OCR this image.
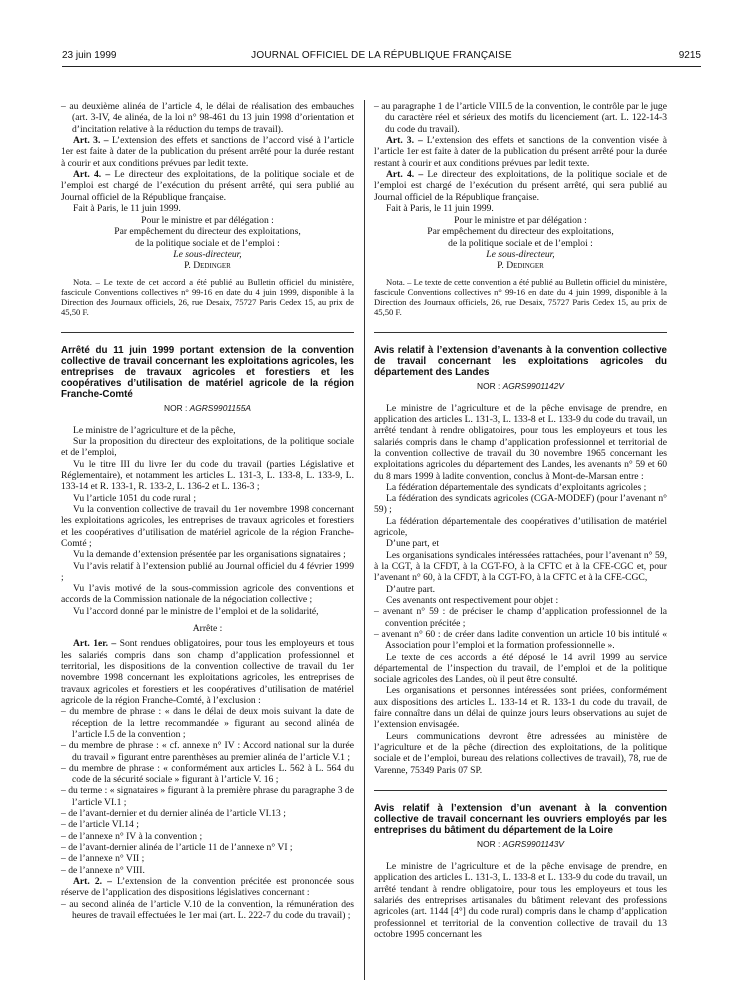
23 juin 1999	JOURNAL OFFICIEL DE LA RÉPUBLIQUE FRANÇAISE	9215

– au deuxième alinéa de l’article 4, le délai de réalisation des embauches (art. 3-IV, 4e alinéa, de la loi n° 98-461 du 13 juin 1998 d’orientation et d’incitation relative à la réduction du temps de travail).

Art. 3. – L’extension des effets et sanctions de l’accord visé à l’article 1er est faite à dater de la publication du présent arrêté pour la durée restant à courir et aux conditions prévues par ledit texte.

Art. 4. – Le directeur des exploitations, de la politique sociale et de l’emploi est chargé de l’exécution du présent arrêté, qui sera publié au Journal officiel de la République française.

Fait à Paris, le 11 juin 1999.

Pour le ministre et par délégation :

Par empêchement du directeur des exploitations,

de la politique sociale et de l’emploi :

Le sous-directeur,

P. Dedinger

Nota. – Le texte de cet accord a été publié au Bulletin officiel du ministère, fascicule Conventions collectives n° 99-16 en date du 4 juin 1999, disponible à la Direction des Journaux officiels, 26, rue Desaix, 75727 Paris Cedex 15, au prix de 45,50 F.

Arrêté du 11 juin 1999 portant extension de la convention collective de travail concernant les exploitations agricoles, les entreprises de travaux agricoles et forestiers et les coopératives d’utilisation de matériel agricole de la région Franche-Comté

NOR : AGRS9901155A

Le ministre de l’agriculture et de la pêche,

Sur la proposition du directeur des exploitations, de la politique sociale et de l’emploi,

Vu le titre III du livre Ier du code du travail (parties Législative et Réglementaire), et notamment les articles L. 131-3, L. 133-8, L. 133-9, L. 133-14 et R. 133-1, R. 133-2, L. 136-2 et L. 136-3 ;

Vu l’article 1051 du code rural ;

Vu la convention collective de travail du 1er novembre 1998 concernant les exploitations agricoles, les entreprises de travaux agricoles et forestiers et les coopératives d’utilisation de matériel agricole de la région Franche-Comté ;

Vu la demande d’extension présentée par les organisations signataires ;

Vu l’avis relatif à l’extension publié au Journal officiel du 4 février 1999 ;

Vu l’avis motivé de la sous-commission agricole des conventions et accords de la Commission nationale de la négociation collective ;

Vu l’accord donné par le ministre de l’emploi et de la solidarité,

Arrête :

Art. 1er. – Sont rendues obligatoires, pour tous les employeurs et tous les salariés compris dans son champ d’application professionnel et territorial, les dispositions de la convention collective de travail du 1er novembre 1998 concernant les exploitations agricoles, les entreprises de travaux agricoles et forestiers et les coopératives d’utilisation de matériel agricole de la région Franche-Comté, à l’exclusion :

– du membre de phrase : « dans le délai de deux mois suivant la date de réception de la lettre recommandée » figurant au second alinéa de l’article I.5 de la convention ;

– du membre de phrase : « cf. annexe n° IV : Accord national sur la durée du travail » figurant entre parenthèses au premier alinéa de l’article V.1 ;

– du membre de phrase : « conformément aux articles L. 562 à L. 564 du code de la sécurité sociale » figurant à l’article V. 16 ;

– du terme : « signataires » figurant à la première phrase du paragraphe 3 de l’article VI.1 ;

– de l’avant-dernier et du dernier alinéa de l’article VI.13 ;

– de l’article VI.14 ;

– de l’annexe n° IV à la convention ;

– de l’avant-dernier alinéa de l’article 11 de l’annexe n° VI ;

– de l’annexe n° VII ;

– de l’annexe n° VIII.

Art. 2. – L’extension de la convention précitée est prononcée sous réserve de l’application des dispositions législatives concernant :

– au second alinéa de l’article V.10 de la convention, la rémunération des heures de travail effectuées le 1er mai (art. L. 222-7 du code du travail) ;

– au paragraphe 1 de l’article VIII.5 de la convention, le contrôle par le juge du caractère réel et sérieux des motifs du licenciement (art. L. 122-14-3 du code du travail).

Art. 3. – L’extension des effets et sanctions de la convention visée à l’article 1er est faite à dater de la publication du présent arrêté pour la durée restant à courir et aux conditions prévues par ledit texte.

Art. 4. – Le directeur des exploitations, de la politique sociale et de l’emploi est chargé de l’exécution du présent arrêté, qui sera publié au Journal officiel de la République française.

Fait à Paris, le 11 juin 1999.

Pour le ministre et par délégation :

Par empêchement du directeur des exploitations,

de la politique sociale et de l’emploi :

Le sous-directeur,

P. Dedinger

Nota. – Le texte de cette convention a été publié au Bulletin officiel du ministère, fascicule Conventions collectives n° 99-16 en date du 4 juin 1999, disponible à la Direction des Journaux officiels, 26, rue Desaix, 75727 Paris Cedex 15, au prix de 45,50 F.

Avis relatif à l’extension d’avenants à la convention collective de travail concernant les exploitations agricoles du département des Landes

NOR : AGRS9901142V

Le ministre de l’agriculture et de la pêche envisage de prendre, en application des articles L. 131-3, L. 133-8 et L. 133-9 du code du travail, un arrêté tendant à rendre obligatoires, pour tous les employeurs et tous les salariés compris dans le champ d’application professionnel et territorial de la convention collective de travail du 30 novembre 1965 concernant les exploitations agricoles du département des Landes, les avenants n° 59 et 60 du 8 mars 1999 à ladite convention, conclus à Mont-de-Marsan entre :

La fédération départementale des syndicats d’exploitants agricoles ;

La fédération des syndicats agricoles (CGA-MODEF) (pour l’avenant n° 59) ;

La fédération départementale des coopératives d’utilisation de matériel agricole,

D’une part, et

Les organisations syndicales intéressées rattachées, pour l’avenant n° 59, à la CGT, à la CFDT, à la CGT-FO, à la CFTC et à la CFE-CGC et, pour l’avenant n° 60, à la CFDT, à la CGT-FO, à la CFTC et à la CFE-CGC,

D’autre part.

Ces avenants ont respectivement pour objet :

– avenant n° 59 : de préciser le champ d’application professionnel de la convention précitée ;

– avenant n° 60 : de créer dans ladite convention un article 10 bis intitulé « Association pour l’emploi et la formation professionnelle ».

Le texte de ces accords a été déposé le 14 avril 1999 au service départemental de l’inspection du travail, de l’emploi et de la politique sociale agricoles des Landes, où il peut être consulté.

Les organisations et personnes intéressées sont priées, conformément aux dispositions des articles L. 133-14 et R. 133-1 du code du travail, de faire connaître dans un délai de quinze jours leurs observations au sujet de l’extension envisagée.

Leurs communications devront être adressées au ministère de l’agriculture et de la pêche (direction des exploitations, de la politique sociale et de l’emploi, bureau des relations collectives de travail), 78, rue de Varenne, 75349 Paris 07 SP.

Avis relatif à l’extension d’un avenant à la convention collective de travail concernant les ouvriers employés par les entreprises du bâtiment du département de la Loire

NOR : AGRS9901143V

Le ministre de l’agriculture et de la pêche envisage de prendre, en application des articles L. 131-3, L. 133-8 et L. 133-9 du code du travail, un arrêté tendant à rendre obligatoire, pour tous les employeurs et tous les salariés des entreprises artisanales du bâtiment relevant des professions agricoles (art. 1144 [4°] du code rural) compris dans le champ d’application professionnel et territorial de la convention collective de travail du 13 octobre 1995 concernant les
